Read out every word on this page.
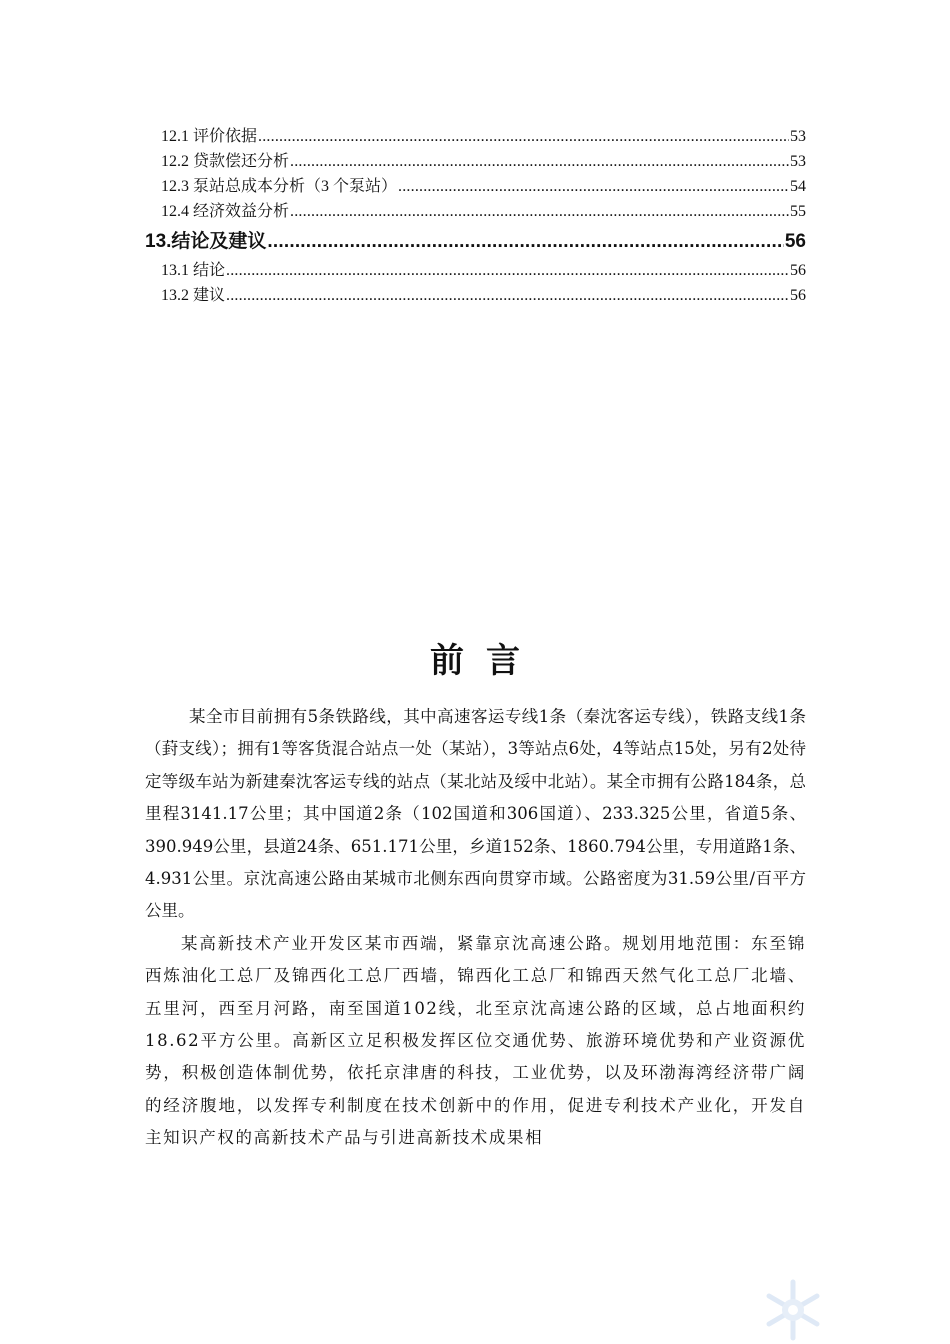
12.1 评价依据 .....	53
12.2 贷款偿还分析 .....	53
12.3 泵站总成本分析（3 个泵站） .....	54
12.4 经济效益分析 .....	55
13.结论及建议 .....	56
13.1 结论 .....	56
13.2 建议 .....	56
前言

某全市目前拥有5条铁路线，其中高速客运专线1条（秦沈客运专线），铁路支线1条（葑支线）；拥有1等客货混合站点一处（某站），3等站点6处，4等站点15处，另有2处待定等级车站为新建秦沈客运专线的站点（某北站及绥中北站）。某全市拥有公路184条，总里程3141.17公里；其中国道2条（102国道和306国道）、233.325公里，省道5条、390.949公里，县道24条、651.171公里，乡道152条、1860.794公里，专用道路1条、4.931公里。京沈高速公路由某城市北侧东西向贯穿市域。公路密度为31.59公里/百平方公里。

某高新技术产业开发区某市西端，紧靠京沈高速公路。规划用地范围：东至锦西炼油化工总厂及锦西化工总厂西墙，锦西化工总厂和锦西天然气化工总厂北墙、五里河，西至月河路，南至国道102线，北至京沈高速公路的区域，总占地面积约18.62平方公里。高新区立足积极发挥区位交通优势、旅游环境优势和产业资源优势，积极创造体制优势，依托京津唐的科技，工业优势，以及环渤海湾经济带广阔的经济腹地，以发挥专利制度在技术创新中的作用，促进专利技术产业化，开发自主知识产权的高新技术产品与引进高新技术成果相
